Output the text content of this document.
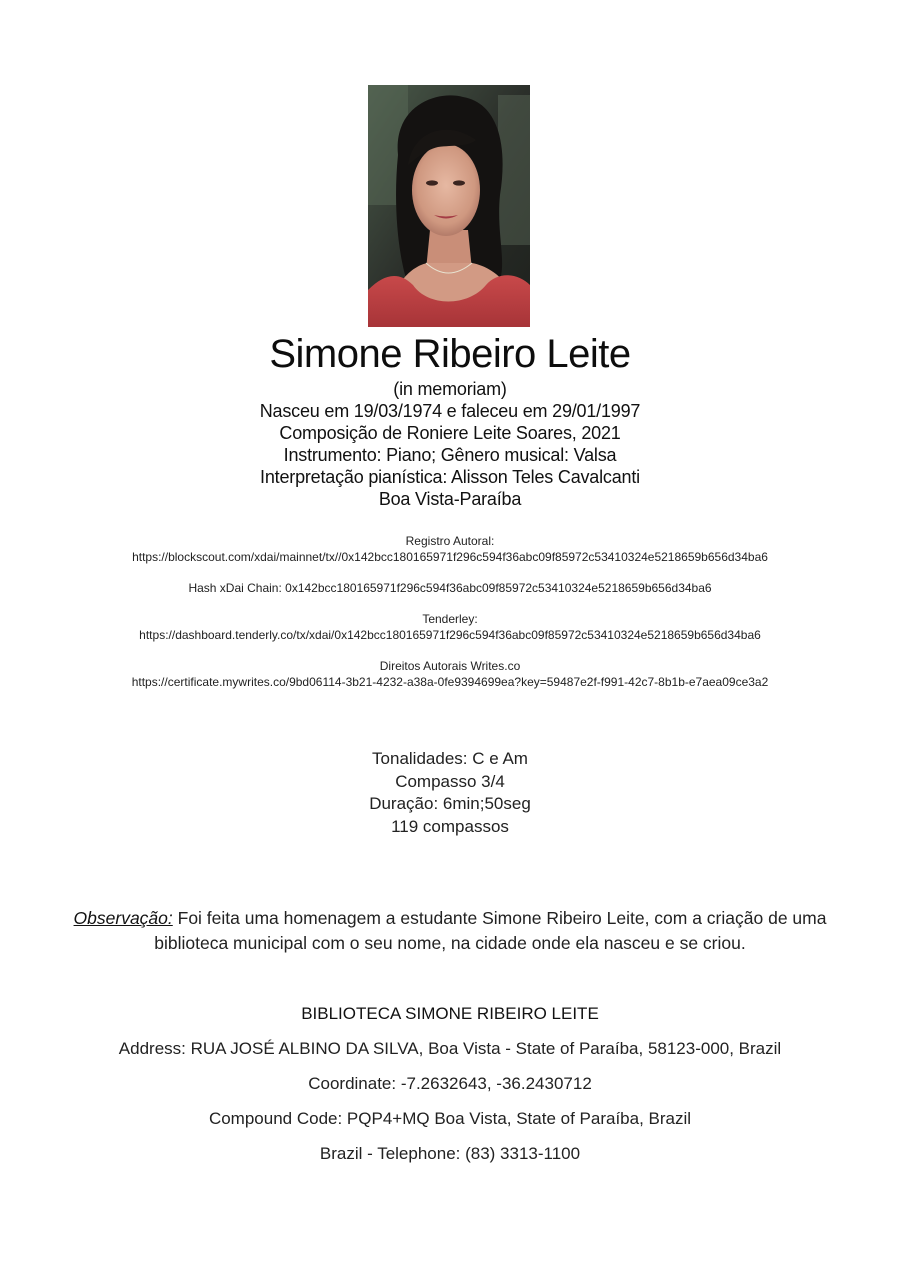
Simone Ribeiro Leite
(in memoriam)
Nasceu em 19/03/1974 e faleceu em 29/01/1997
Composição de Roniere Leite Soares, 2021
Instrumento: Piano; Gênero musical: Valsa
Interpretação pianística: Alisson Teles Cavalcanti
Boa Vista-Paraíba
Registro Autoral:
https://blockscout.com/xdai/mainnet/tx//0x142bcc180165971f296c594f36abc09f85972c53410324e5218659b656d34ba6
Hash xDai Chain: 0x142bcc180165971f296c594f36abc09f85972c53410324e5218659b656d34ba6
Tenderley:
https://dashboard.tenderly.co/tx/xdai/0x142bcc180165971f296c594f36abc09f85972c53410324e5218659b656d34ba6
Direitos Autorais Writes.co
https://certificate.mywrites.co/9bd06114-3b21-4232-a38a-0fe9394699ea?key=59487e2f-f991-42c7-8b1b-e7aea09ce3a2
Tonalidades: C e Am
Compasso 3/4
Duração: 6min;50seg
119 compassos
Observação: Foi feita uma homenagem a estudante Simone Ribeiro Leite, com a criação de uma biblioteca municipal com o seu nome, na cidade onde ela nasceu e se criou.
BIBLIOTECA SIMONE RIBEIRO LEITE
Address: RUA JOSÉ ALBINO DA SILVA, Boa Vista - State of Paraíba, 58123-000, Brazil
Coordinate: -7.2632643, -36.2430712
Compound Code: PQP4+MQ Boa Vista, State of Paraíba, Brazil
Brazil - Telephone: (83) 3313-1100
